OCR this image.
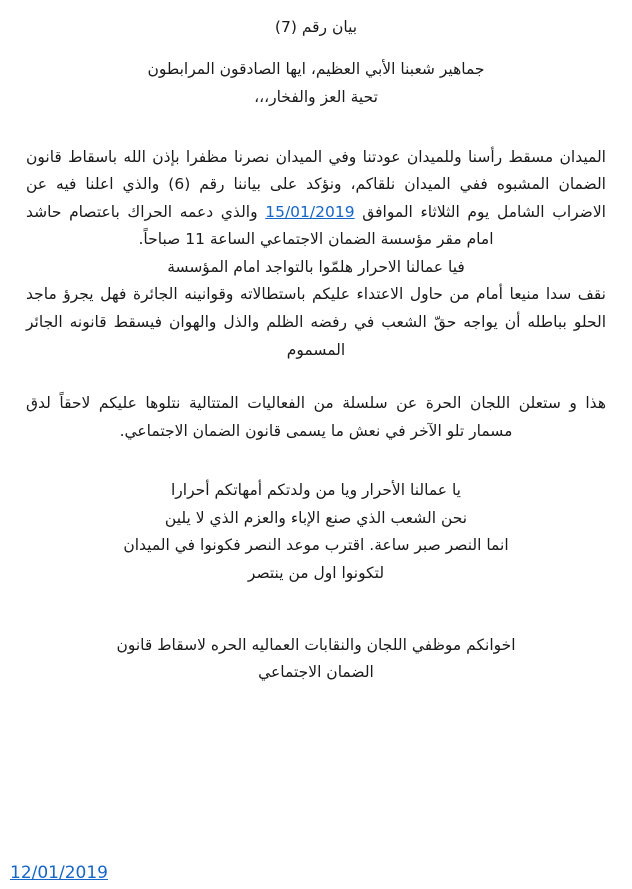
بيان رقم (7)

جماهير شعبنا الأبي العظيم، ايها الصادقون المرابطون

تحية العز والفخار،،،

الميدان مسقط رأسنا وللميدان عودتنا وفي الميدان نصرنا مظفرا بإذن الله باسقاط قانون الضمان المشبوه ففي الميدان نلقاكم، ونؤكد على بياننا رقم (6) والذي اعلنا فيه عن الاضراب الشامل يوم الثلاثاء الموافق 15/01/2019 والذي دعمه الحراك باعتصام حاشد امام مقر مؤسسة الضمان الاجتماعي الساعة 11 صباحاً.

فيا عمالنا الاحرار هلمّوا بالتواجد امام المؤسسة

نقف سدا منيعا أمام من حاول الاعتداء عليكم باستطالاته وقوانينه الجائرة فهل يجرؤ ماجد الحلو بباطله أن يواجه حقّ الشعب في رفضه الظلم والذل والهوان فيسقط قانونه الجائر المسموم

هذا و ستعلن اللجان الحرة عن سلسلة من الفعاليات المتتالية نتلوها عليكم لاحقاً لدق مسمار تلو الآخر في نعش ما يسمى قانون الضمان الاجتماعي.

يا عمالنا الأحرار ويا من ولدتكم أمهاتكم أحرارا

نحن الشعب الذي صنع الإباء والعزم الذي لا يلين

انما النصر صبر ساعة. اقترب موعد النصر فكونوا في الميدان

لتكونوا اول من ينتصر

اخوانكم موظفي اللجان والنقابات العماليه الحره لاسقاط قانون

الضمان الاجتماعي

12/01/2019
